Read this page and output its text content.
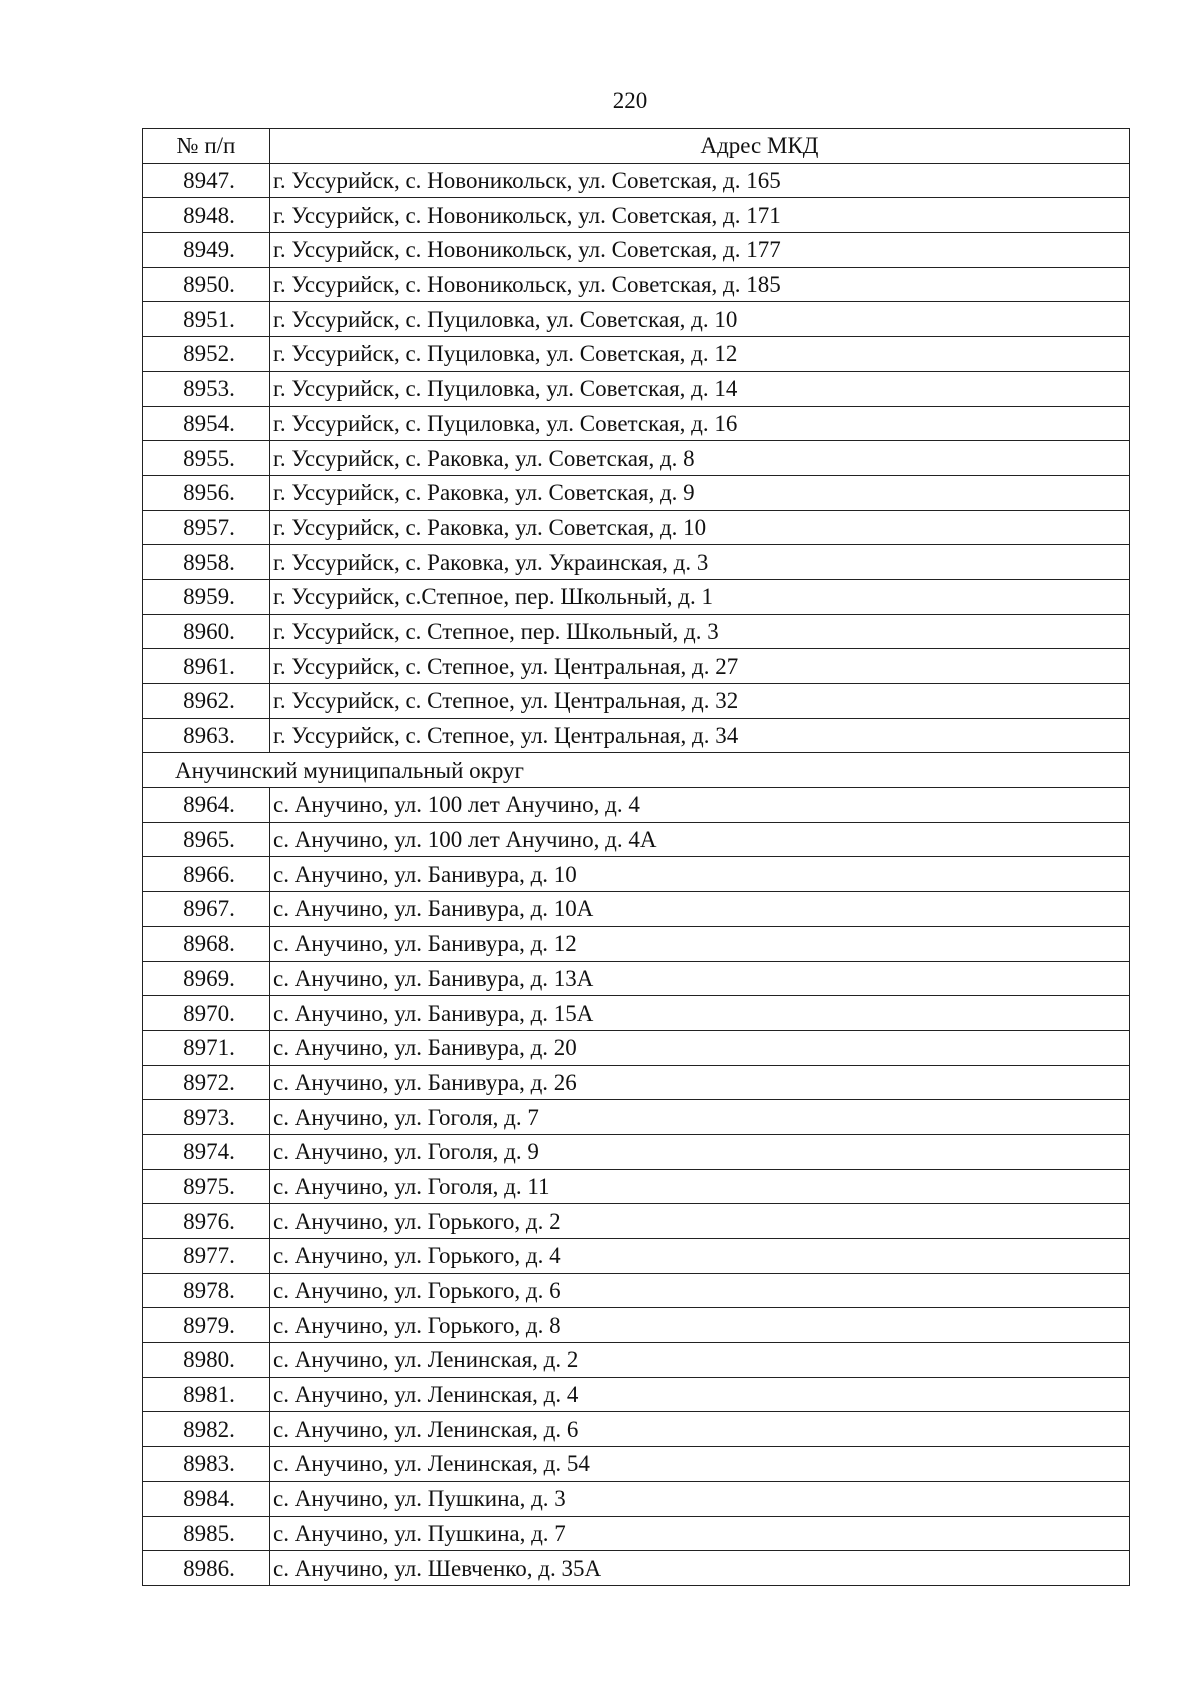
220
№ п/п	Адрес МКД
8947.	г. Уссурийск, с. Новоникольск, ул. Советская, д. 165
8948.	г. Уссурийск, с. Новоникольск, ул. Советская, д. 171
8949.	г. Уссурийск, с. Новоникольск, ул. Советская, д. 177
8950.	г. Уссурийск, с. Новоникольск, ул. Советская, д. 185
8951.	г. Уссурийск, с. Пуциловка, ул. Советская, д. 10
8952.	г. Уссурийск, с. Пуциловка, ул. Советская, д. 12
8953.	г. Уссурийск, с. Пуциловка, ул. Советская, д. 14
8954.	г. Уссурийск, с. Пуциловка, ул. Советская, д. 16
8955.	г. Уссурийск, с. Раковка, ул. Советская, д. 8
8956.	г. Уссурийск, с. Раковка, ул. Советская, д. 9
8957.	г. Уссурийск, с. Раковка, ул. Советская, д. 10
8958.	г. Уссурийск, с. Раковка, ул. Украинская, д. 3
8959.	г. Уссурийск, с.Степное, пер. Школьный, д. 1
8960.	г. Уссурийск, с. Степное, пер. Школьный, д. 3
8961.	г. Уссурийск, с. Степное, ул. Центральная, д. 27
8962.	г. Уссурийск, с. Степное, ул. Центральная, д. 32
8963.	г. Уссурийск, с. Степное, ул. Центральная, д. 34
Анучинский муниципальный округ	
8964.	с. Анучино, ул. 100 лет Анучино, д. 4
8965.	с. Анучино, ул. 100 лет Анучино, д. 4А
8966.	с. Анучино, ул. Банивура, д. 10
8967.	с. Анучино, ул. Банивура, д. 10А
8968.	с. Анучино, ул. Банивура, д. 12
8969.	с. Анучино, ул. Банивура, д. 13А
8970.	с. Анучино, ул. Банивура, д. 15А
8971.	с. Анучино, ул. Банивура, д. 20
8972.	с. Анучино, ул. Банивура, д. 26
8973.	с. Анучино, ул. Гоголя, д. 7
8974.	с. Анучино, ул. Гоголя, д. 9
8975.	с. Анучино, ул. Гоголя, д. 11
8976.	с. Анучино, ул. Горького, д. 2
8977.	с. Анучино, ул. Горького, д. 4
8978.	с. Анучино, ул. Горького, д. 6
8979.	с. Анучино, ул. Горького, д. 8
8980.	с. Анучино, ул. Ленинская, д. 2
8981.	с. Анучино, ул. Ленинская, д. 4
8982.	с. Анучино, ул. Ленинская, д. 6
8983.	с. Анучино, ул. Ленинская, д. 54
8984.	с. Анучино, ул. Пушкина, д. 3
8985.	с. Анучино, ул. Пушкина, д. 7
8986.	с. Анучино, ул. Шевченко, д. 35А
